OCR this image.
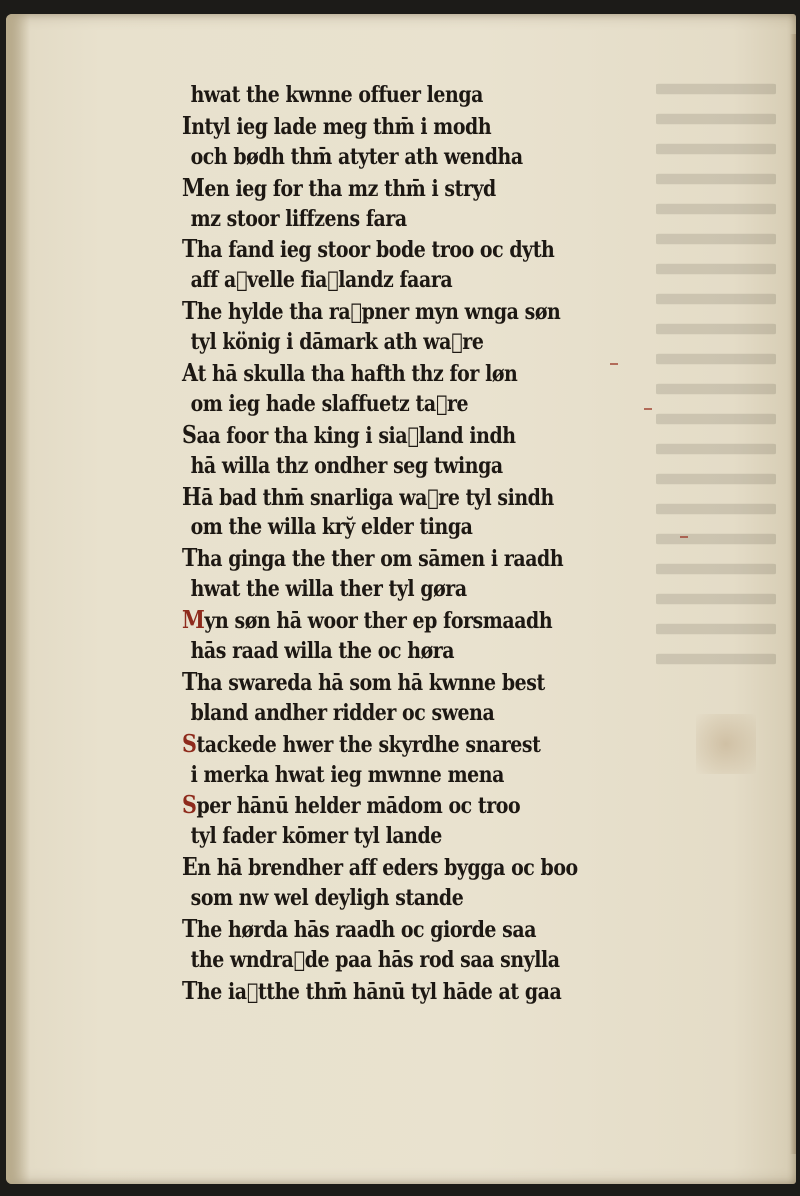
hwat the kwnne offuer lenga
Intyl ieg lade meg thm̄ i modh
och bødh thm̄ atyter ath wendha
Men ieg for tha mz thm̄ i stryd
mz stoor liffzens fara
Tha fand ieg stoor bode troo oc dyth
aff aᷓvelle fiaᷓlandz faara
The hylde tha raᷓpner myn wnga søn
tyl könig i dāmark ath waᷓre
At hā skulla tha hafth thz for løn
om ieg hade slaffuetz taᷓre
Saa foor tha king i siaᷓland indh
hā willa thz ondher seg twinga
Hā bad thm̄ snarliga waᷓre tyl sindh
om the willa kry̆ elder tinga
Tha ginga the ther om sāmen i raadh
hwat the willa ther tyl gøra
Myn søn hā woor ther ep forsmaadh
hās raad willa the oc høra
Tha swareda hā som hā kwnne best
bland andher ridder oc swena
Stackede hwer the skyrdhe snarest
i merka hwat ieg mwnne mena
Sper hānū helder mādom oc troo
tyl fader kōmer tyl lande
En hā brendher aff eders bygga oc boo
som nw wel deyligh stande
The hørda hās raadh oc giorde saa
the wndraᷓde paa hās rod saa snylla
The iaᷓtthe thm̄ hānū tyl hāde at gaa
